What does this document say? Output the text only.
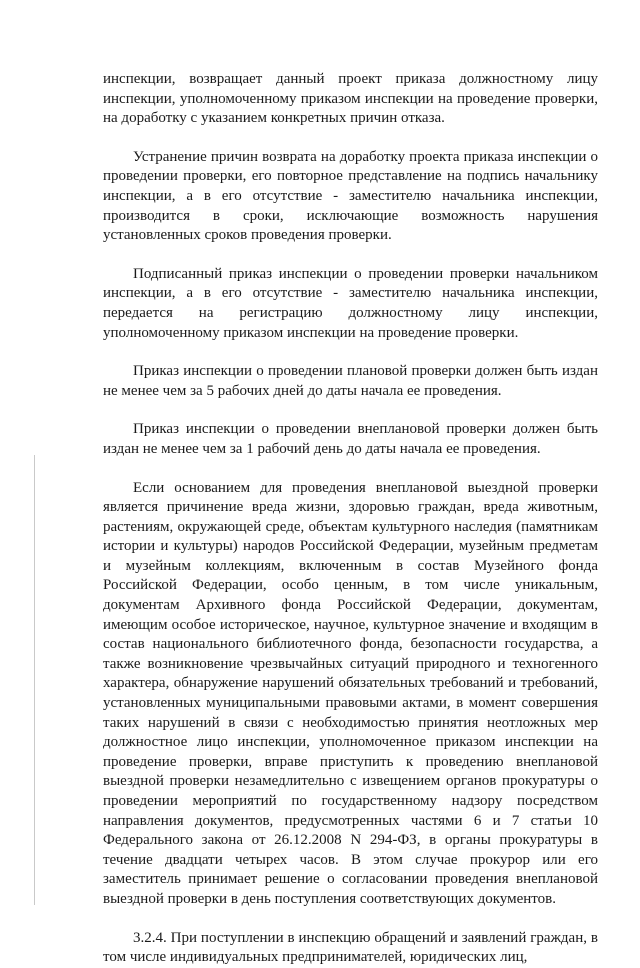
инспекции, возвращает данный проект приказа должностному лицу инспекции, уполномоченному приказом инспекции на проведение проверки, на доработку с указанием конкретных причин отказа.

Устранение причин возврата на доработку проекта приказа инспекции о проведении проверки, его повторное представление на подпись начальнику инспекции, а в его отсутствие - заместителю начальника инспекции, производится в сроки, исключающие возможность нарушения установленных сроков проведения проверки.

Подписанный приказ инспекции о проведении проверки начальником инспекции, а в его отсутствие - заместителю начальника инспекции, передается на регистрацию должностному лицу инспекции, уполномоченному приказом инспекции на проведение проверки.

Приказ инспекции о проведении плановой проверки должен быть издан не менее чем за 5 рабочих дней до даты начала ее проведения.

Приказ инспекции о проведении внеплановой проверки должен быть издан не менее чем за 1 рабочий день до даты начала ее проведения.

Если основанием для проведения внеплановой выездной проверки является причинение вреда жизни, здоровью граждан, вреда животным, растениям, окружающей среде, объектам культурного наследия (памятникам истории и культуры) народов Российской Федерации, музейным предметам и музейным коллекциям, включенным в состав Музейного фонда Российской Федерации, особо ценным, в том числе уникальным, документам Архивного фонда Российской Федерации, документам, имеющим особое историческое, научное, культурное значение и входящим в состав национального библиотечного фонда, безопасности государства, а также возникновение чрезвычайных ситуаций природного и техногенного характера, обнаружение нарушений обязательных требований и требований, установленных муниципальными правовыми актами, в момент совершения таких нарушений в связи с необходимостью принятия неотложных мер должностное лицо инспекции, уполномоченное приказом инспекции на проведение проверки, вправе приступить к проведению внеплановой выездной проверки незамедлительно с извещением органов прокуратуры о проведении мероприятий по государственному надзору посредством направления документов, предусмотренных частями 6 и 7 статьи 10 Федерального закона от 26.12.2008 N 294-ФЗ, в органы прокуратуры в течение двадцати четырех часов. В этом случае прокурор или его заместитель принимает решение о согласовании проведения внеплановой выездной проверки в день поступления соответствующих документов.

3.2.4. При поступлении в инспекцию обращений и заявлений граждан, в том числе индивидуальных предпринимателей, юридических лиц,
